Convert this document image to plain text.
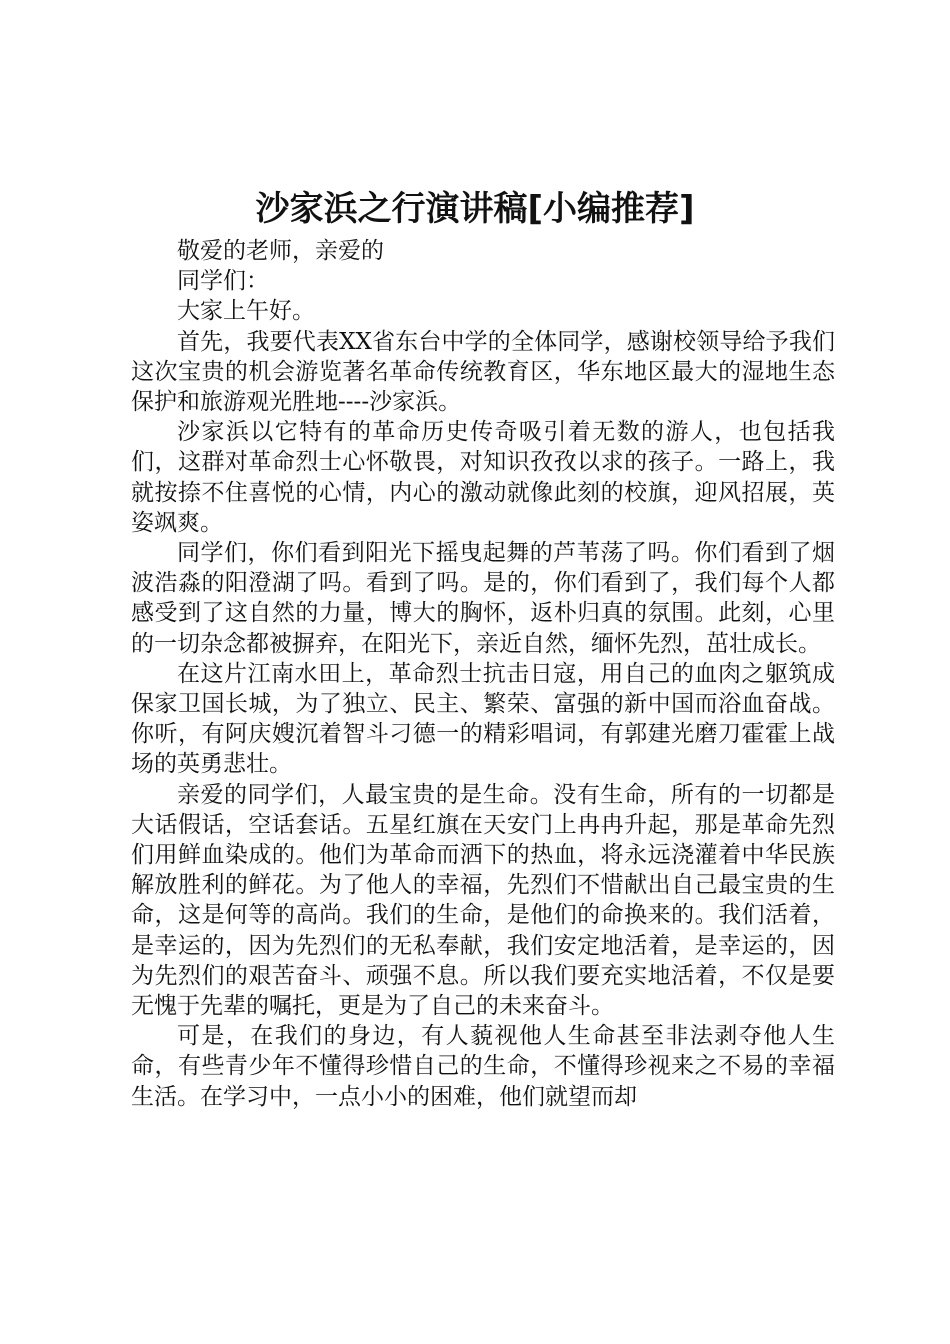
沙家浜之行演讲稿[小编推荐]

敬爱的老师，亲爱的

同学们：

大家上午好。

首先，我要代表XX省东台中学的全体同学，感谢校领导给予我们这次宝贵的机会游览著名革命传统教育区，华东地区最大的湿地生态保护和旅游观光胜地----沙家浜。

沙家浜以它特有的革命历史传奇吸引着无数的游人，也包括我们，这群对革命烈士心怀敬畏，对知识孜孜以求的孩子。一路上，我就按捺不住喜悦的心情，内心的激动就像此刻的校旗，迎风招展，英姿飒爽。

同学们，你们看到阳光下摇曳起舞的芦苇荡了吗。你们看到了烟波浩淼的阳澄湖了吗。看到了吗。是的，你们看到了，我们每个人都感受到了这自然的力量，博大的胸怀，返朴归真的氛围。此刻，心里的一切杂念都被摒弃，在阳光下，亲近自然，缅怀先烈，茁壮成长。

在这片江南水田上，革命烈士抗击日寇，用自己的血肉之躯筑成保家卫国长城，为了独立、民主、繁荣、富强的新中国而浴血奋战。你听，有阿庆嫂沉着智斗刁德一的精彩唱词，有郭建光磨刀霍霍上战场的英勇悲壮。

亲爱的同学们，人最宝贵的是生命。没有生命，所有的一切都是大话假话，空话套话。五星红旗在天安门上冉冉升起，那是革命先烈们用鲜血染成的。他们为革命而洒下的热血，将永远浇灌着中华民族解放胜利的鲜花。为了他人的幸福，先烈们不惜献出自己最宝贵的生命，这是何等的高尚。我们的生命，是他们的命换来的。我们活着，是幸运的，因为先烈们的无私奉献，我们安定地活着，是幸运的，因为先烈们的艰苦奋斗、顽强不息。所以我们要充实地活着，不仅是要无愧于先辈的嘱托，更是为了自己的未来奋斗。

可是，在我们的身边，有人藐视他人生命甚至非法剥夺他人生命，有些青少年不懂得珍惜自己的生命，不懂得珍视来之不易的幸福生活。在学习中，一点小小的困难，他们就望而却
